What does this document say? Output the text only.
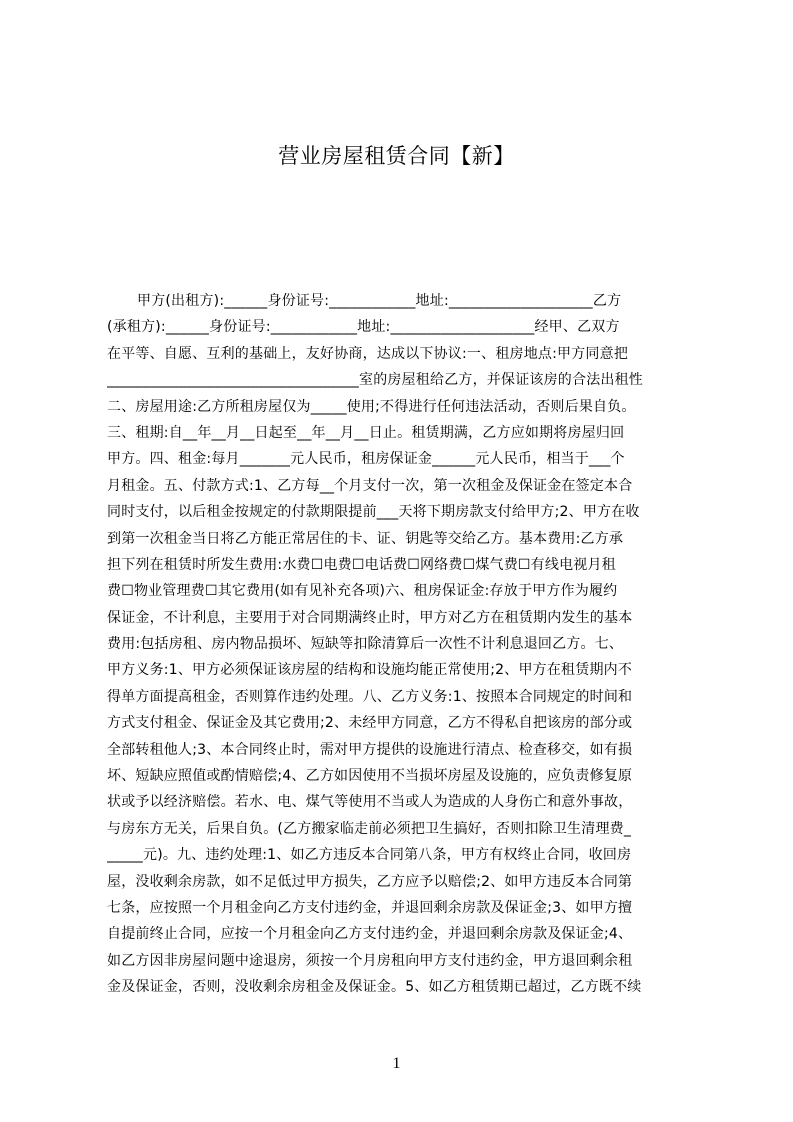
营业房屋租赁合同【新】
甲方(出租方):______身份证号:____________地址:____________________乙方
(承租方):______身份证号:____________地址:____________________经甲、乙双方
在平等、自愿、互利的基础上，友好协商，达成以下协议:一、租房地点:甲方同意把
___________________________________室的房屋租给乙方，并保证该房的合法出租性
二、房屋用途:乙方所租房屋仅为_____使用;不得进行任何违法活动，否则后果自负。
三、租期:自__年__月__日起至__年__月__日止。租赁期满，乙方应如期将房屋归回
甲方。四、租金:每月_______元人民币，租房保证金______元人民币，相当于___个
月租金。五、付款方式:1、乙方每__个月支付一次，第一次租金及保证金在签定本合
同时支付，以后租金按规定的付款期限提前___天将下期房款支付给甲方;2、甲方在收
到第一次租金当日将乙方能正常居住的卡、证、钥匙等交给乙方。基本费用:乙方承
担下列在租赁时所发生费用:水费☐电费☐电话费☐网络费☐煤气费☐有线电视月租
费☐物业管理费☐其它费用(如有见补充各项)六、租房保证金:存放于甲方作为履约
保证金，不计利息，主要用于对合同期满终止时，甲方对乙方在租赁期内发生的基本
费用:包括房租、房内物品损坏、短缺等扣除清算后一次性不计利息退回乙方。七、
甲方义务:1、甲方必须保证该房屋的结构和设施均能正常使用;2、甲方在租赁期内不
得单方面提高租金，否则算作违约处理。八、乙方义务:1、按照本合同规定的时间和
方式支付租金、保证金及其它费用;2、未经甲方同意，乙方不得私自把该房的部分或
全部转租他人;3、本合同终止时，需对甲方提供的设施进行清点、检查移交，如有损
坏、短缺应照值或酌情赔偿;4、乙方如因使用不当损坏房屋及设施的，应负责修复原
状或予以经济赔偿。若水、电、煤气等使用不当或人为造成的人身伤亡和意外事故，
与房东方无关，后果自负。(乙方搬家临走前必须把卫生搞好，否则扣除卫生清理费_
_____元)。九、违约处理:1、如乙方违反本合同第八条，甲方有权终止合同，收回房
屋，没收剩余房款，如不足低过甲方损失，乙方应予以赔偿;2、如甲方违反本合同第
七条，应按照一个月租金向乙方支付违约金，并退回剩余房款及保证金;3、如甲方擅
自提前终止合同，应按一个月租金向乙方支付违约金，并退回剩余房款及保证金;4、
如乙方因非房屋问题中途退房，须按一个月房租向甲方支付违约金，甲方退回剩余租
金及保证金，否则，没收剩余房租金及保证金。5、如乙方租赁期已超过，乙方既不续
1
